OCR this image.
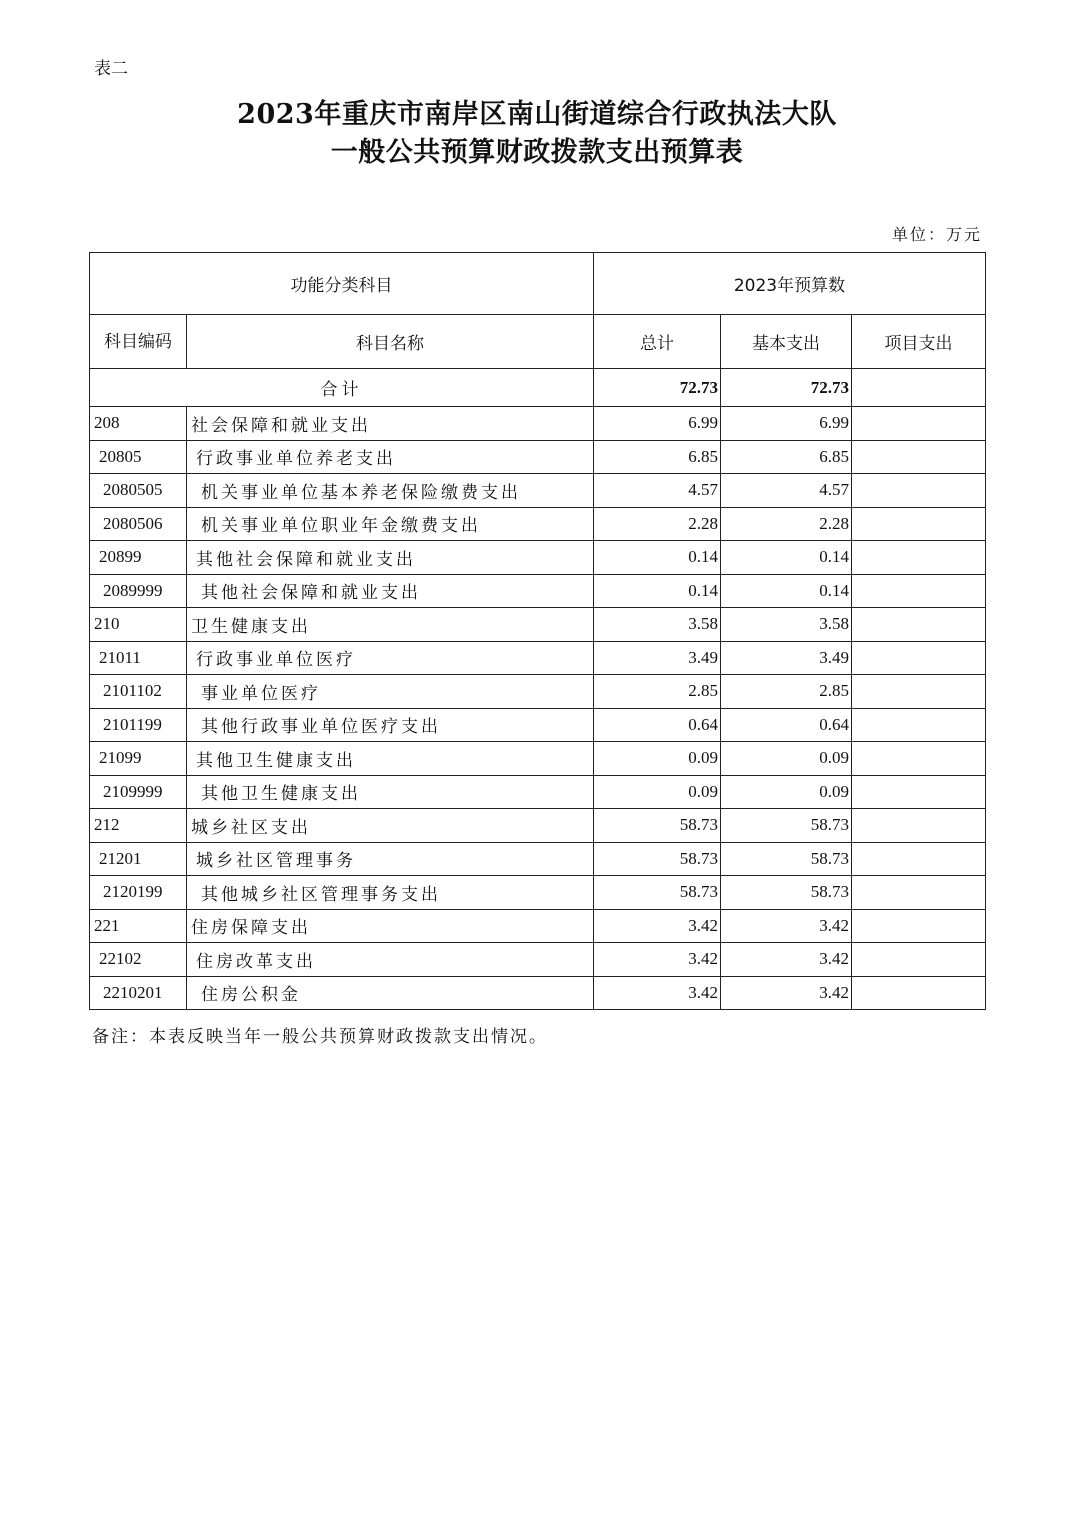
表二
2023年重庆市南岸区南山街道综合行政执法大队
一般公共预算财政拨款支出预算表
单位：万元
功能分类科目		2023年预算数		
科目编码	科目名称	总计	基本支出	项目支出
合计		72.73	72.73	
208	社会保障和就业支出	6.99	6.99	
20805	行政事业单位养老支出	6.85	6.85	
2080505	机关事业单位基本养老保险缴费支出	4.57	4.57	
2080506	机关事业单位职业年金缴费支出	2.28	2.28	
20899	其他社会保障和就业支出	0.14	0.14	
2089999	其他社会保障和就业支出	0.14	0.14	
210	卫生健康支出	3.58	3.58	
21011	行政事业单位医疗	3.49	3.49	
2101102	事业单位医疗	2.85	2.85	
2101199	其他行政事业单位医疗支出	0.64	0.64	
21099	其他卫生健康支出	0.09	0.09	
2109999	其他卫生健康支出	0.09	0.09	
212	城乡社区支出	58.73	58.73	
21201	城乡社区管理事务	58.73	58.73	
2120199	其他城乡社区管理事务支出	58.73	58.73	
221	住房保障支出	3.42	3.42	
22102	住房改革支出	3.42	3.42	
2210201	住房公积金	3.42	3.42	
备注：本表反映当年一般公共预算财政拨款支出情况。
